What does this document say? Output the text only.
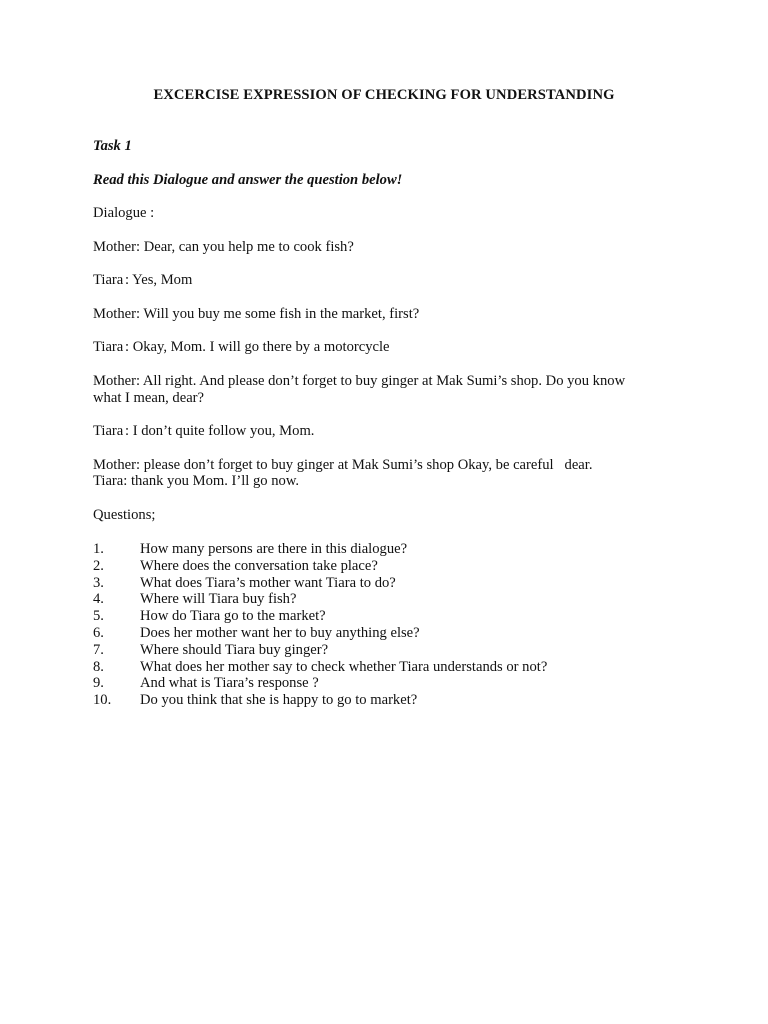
EXCERCISE EXPRESSION OF CHECKING FOR UNDERSTANDING
Task 1
Read this Dialogue and answer the question below!
Dialogue :
Mother: Dear, can you help me to cook fish?
Tiara : Yes, Mom
Mother: Will you buy me some fish in the market, first?
Tiara : Okay, Mom. I will go there by a motorcycle
Mother: All right. And please don’t forget to buy ginger at Mak Sumi’s shop. Do you know
what I mean, dear?
Tiara : I don’t quite follow you, Mom.
Mother: please don’t forget to buy ginger at Mak Sumi’s shop Okay, be careful   dear.
Tiara: thank you Mom. I’ll go now.
Questions;
1. How many persons are there in this dialogue?
2. Where does the conversation take place?
3. What does Tiara’s mother want Tiara to do?
4. Where will Tiara buy fish?
5. How do Tiara go to the market?
6. Does her mother want her to buy anything else?
7. Where should Tiara buy ginger?
8. What does her mother say to check whether Tiara understands or not?
9. And what is Tiara’s response ?
10. Do you think that she is happy to go to market?
